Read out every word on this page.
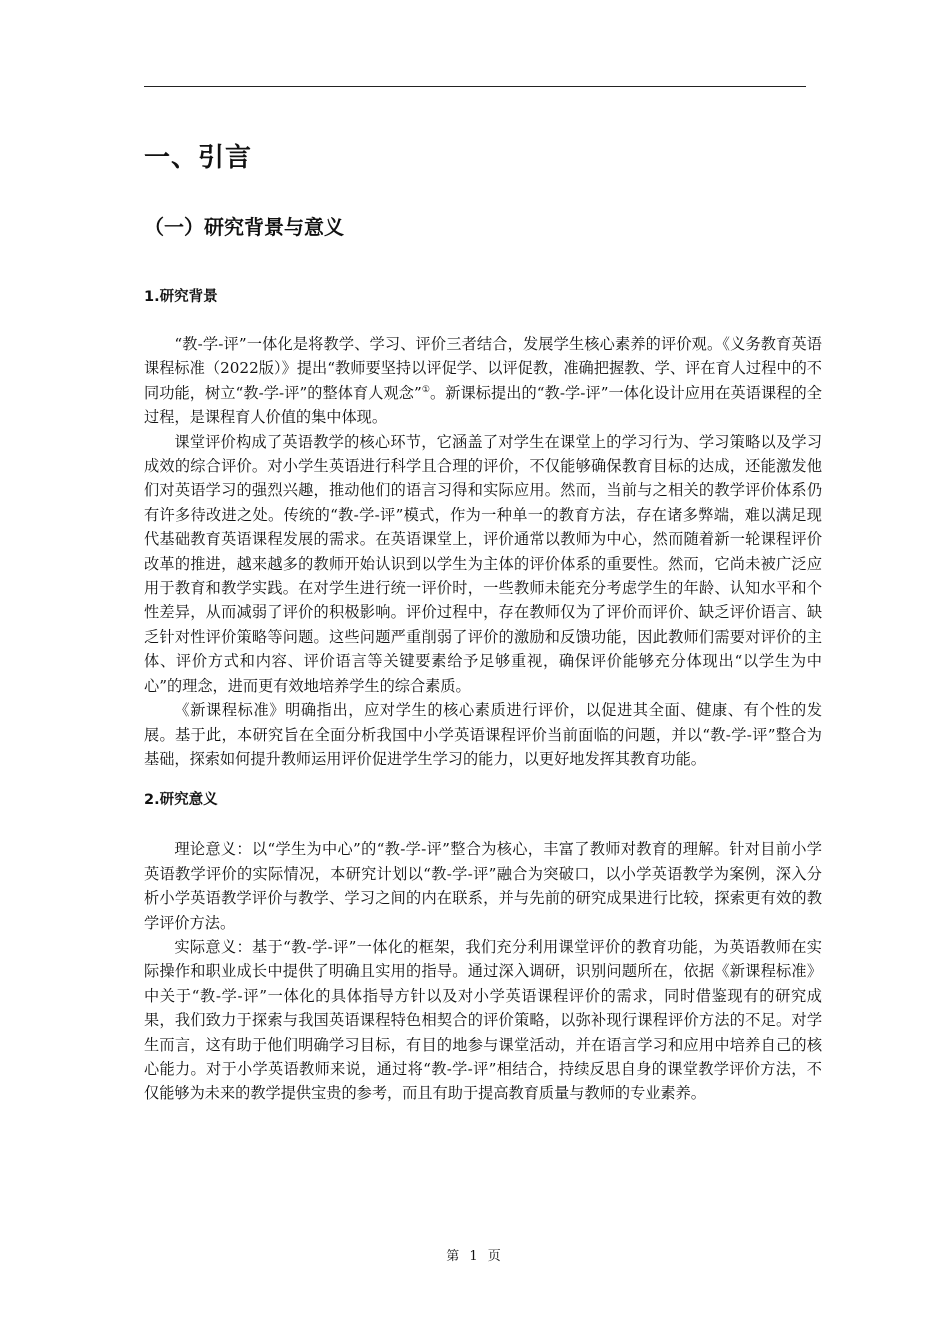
一、引言
（一）研究背景与意义
1.研究背景

“教-学-评”一体化是将教学、学习、评价三者结合，发展学生核心素养的评价观。《义务教育英语课程标准（2022版）》提出“教师要坚持以评促学、以评促教，准确把握教、学、评在育人过程中的不同功能，树立“教-学-评”的整体育人观念”①。新课标提出的“教-学-评”一体化设计应用在英语课程的全过程，是课程育人价值的集中体现。

课堂评价构成了英语教学的核心环节，它涵盖了对学生在课堂上的学习行为、学习策略以及学习成效的综合评价。对小学生英语进行科学且合理的评价，不仅能够确保教育目标的达成，还能激发他们对英语学习的强烈兴趣，推动他们的语言习得和实际应用。然而，当前与之相关的教学评价体系仍有许多待改进之处。传统的“教-学-评”模式，作为一种单一的教育方法，存在诸多弊端，难以满足现代基础教育英语课程发展的需求。在英语课堂上，评价通常以教师为中心，然而随着新一轮课程评价改革的推进，越来越多的教师开始认识到以学生为主体的评价体系的重要性。然而，它尚未被广泛应用于教育和教学实践。在对学生进行统一评价时，一些教师未能充分考虑学生的年龄、认知水平和个性差异，从而减弱了评价的积极影响。评价过程中，存在教师仅为了评价而评价、缺乏评价语言、缺乏针对性评价策略等问题。这些问题严重削弱了评价的激励和反馈功能，因此教师们需要对评价的主体、评价方式和内容、评价语言等关键要素给予足够重视，确保评价能够充分体现出“以学生为中心”的理念，进而更有效地培养学生的综合素质。

《新课程标准》明确指出，应对学生的核心素质进行评价，以促进其全面、健康、有个性的发展。基于此，本研究旨在全面分析我国中小学英语课程评价当前面临的问题，并以“教-学-评”整合为基础，探索如何提升教师运用评价促进学生学习的能力，以更好地发挥其教育功能。

2.研究意义

理论意义：以“学生为中心”的“教-学-评”整合为核心，丰富了教师对教育的理解。针对目前小学英语教学评价的实际情况，本研究计划以“教-学-评”融合为突破口，以小学英语教学为案例，深入分析小学英语教学评价与教学、学习之间的内在联系，并与先前的研究成果进行比较，探索更有效的教学评价方法。

实际意义：基于“教-学-评”一体化的框架，我们充分利用课堂评价的教育功能，为英语教师在实际操作和职业成长中提供了明确且实用的指导。通过深入调研，识别问题所在，依据《新课程标准》中关于“教-学-评”一体化的具体指导方针以及对小学英语课程评价的需求，同时借鉴现有的研究成果，我们致力于探索与我国英语课程特色相契合的评价策略，以弥补现行课程评价方法的不足。对学生而言，这有助于他们明确学习目标，有目的地参与课堂活动，并在语言学习和应用中培养自己的核心能力。对于小学英语教师来说，通过将“教-学-评”相结合，持续反思自身的课堂教学评价方法，不仅能够为未来的教学提供宝贵的参考，而且有助于提高教育质量与教师的专业素养。

第 1 页
